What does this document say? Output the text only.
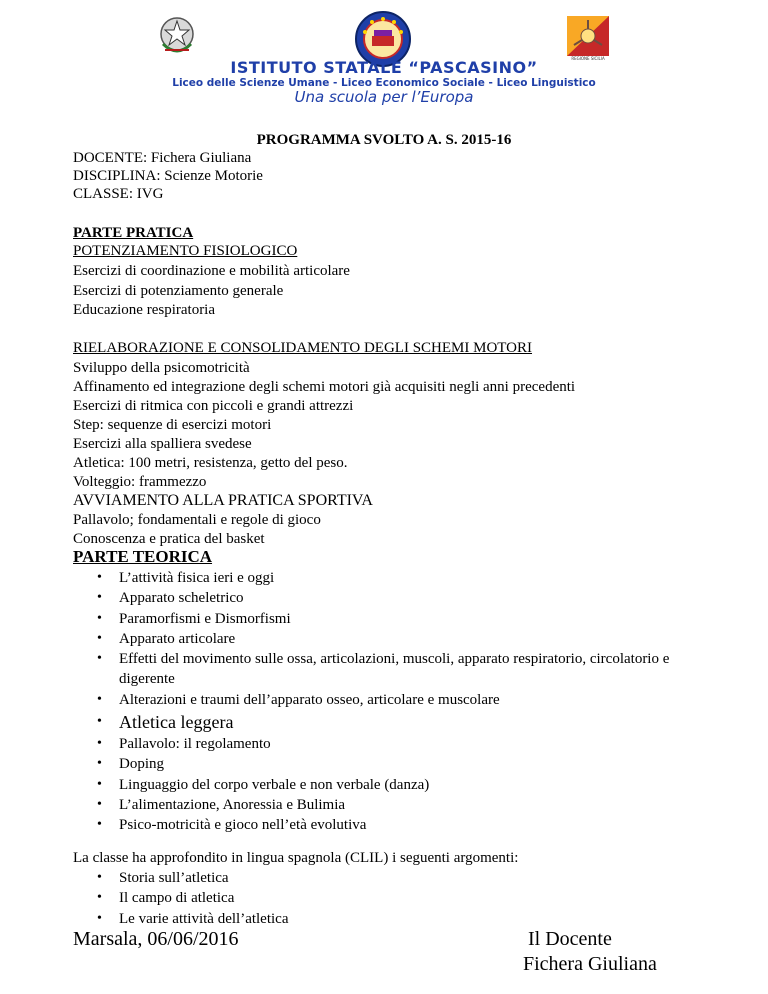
REGIONE SICILIA
ISTITUTO STATALE “PASCASINO”
Liceo delle Scienze Umane - Liceo Economico Sociale - Liceo Linguistico
Una scuola per l’Europa
PROGRAMMA SVOLTO A. S. 2015-16
DOCENTE: Fichera Giuliana
DISCIPLINA: Scienze Motorie
CLASSE: IVG
PARTE PRATICA
POTENZIAMENTO FISIOLOGICO
Esercizi di coordinazione e mobilità articolare
Esercizi di potenziamento generale
Educazione respiratoria
RIELABORAZIONE E CONSOLIDAMENTO DEGLI SCHEMI MOTORI
Sviluppo della psicomotricità
Affinamento ed integrazione degli schemi motori già acquisiti negli anni precedenti
Esercizi di ritmica con piccoli e grandi attrezzi
Step: sequenze di esercizi motori
Esercizi alla spalliera svedese
Atletica: 100 metri, resistenza, getto del peso.
Volteggio: frammezzo
AVVIAMENTO ALLA PRATICA SPORTIVA
Pallavolo; fondamentali e regole di gioco
Conoscenza e pratica del basket
PARTE TEORICA
• L’attività fisica ieri e oggi
• Apparato scheletrico
• Paramorfismi e Dismorfismi
• Apparato articolare
• Effetti del movimento sulle ossa, articolazioni, muscoli, apparato respiratorio, circolatorio e digerente
• Alterazioni e traumi dell’apparato osseo, articolare e muscolare
• Atletica leggera
• Pallavolo: il regolamento
• Doping
• Linguaggio del corpo verbale e non verbale (danza)
• L’alimentazione, Anoressia e Bulimia
• Psico-motricità e gioco nell’età evolutiva
La classe ha approfondito in lingua spagnola (CLIL) i seguenti argomenti:
• Storia sull’atletica
• Il campo di atletica
• Le varie attività dell’atletica
Marsala, 06/06/2016	Il Docente
Fichera Giuliana
